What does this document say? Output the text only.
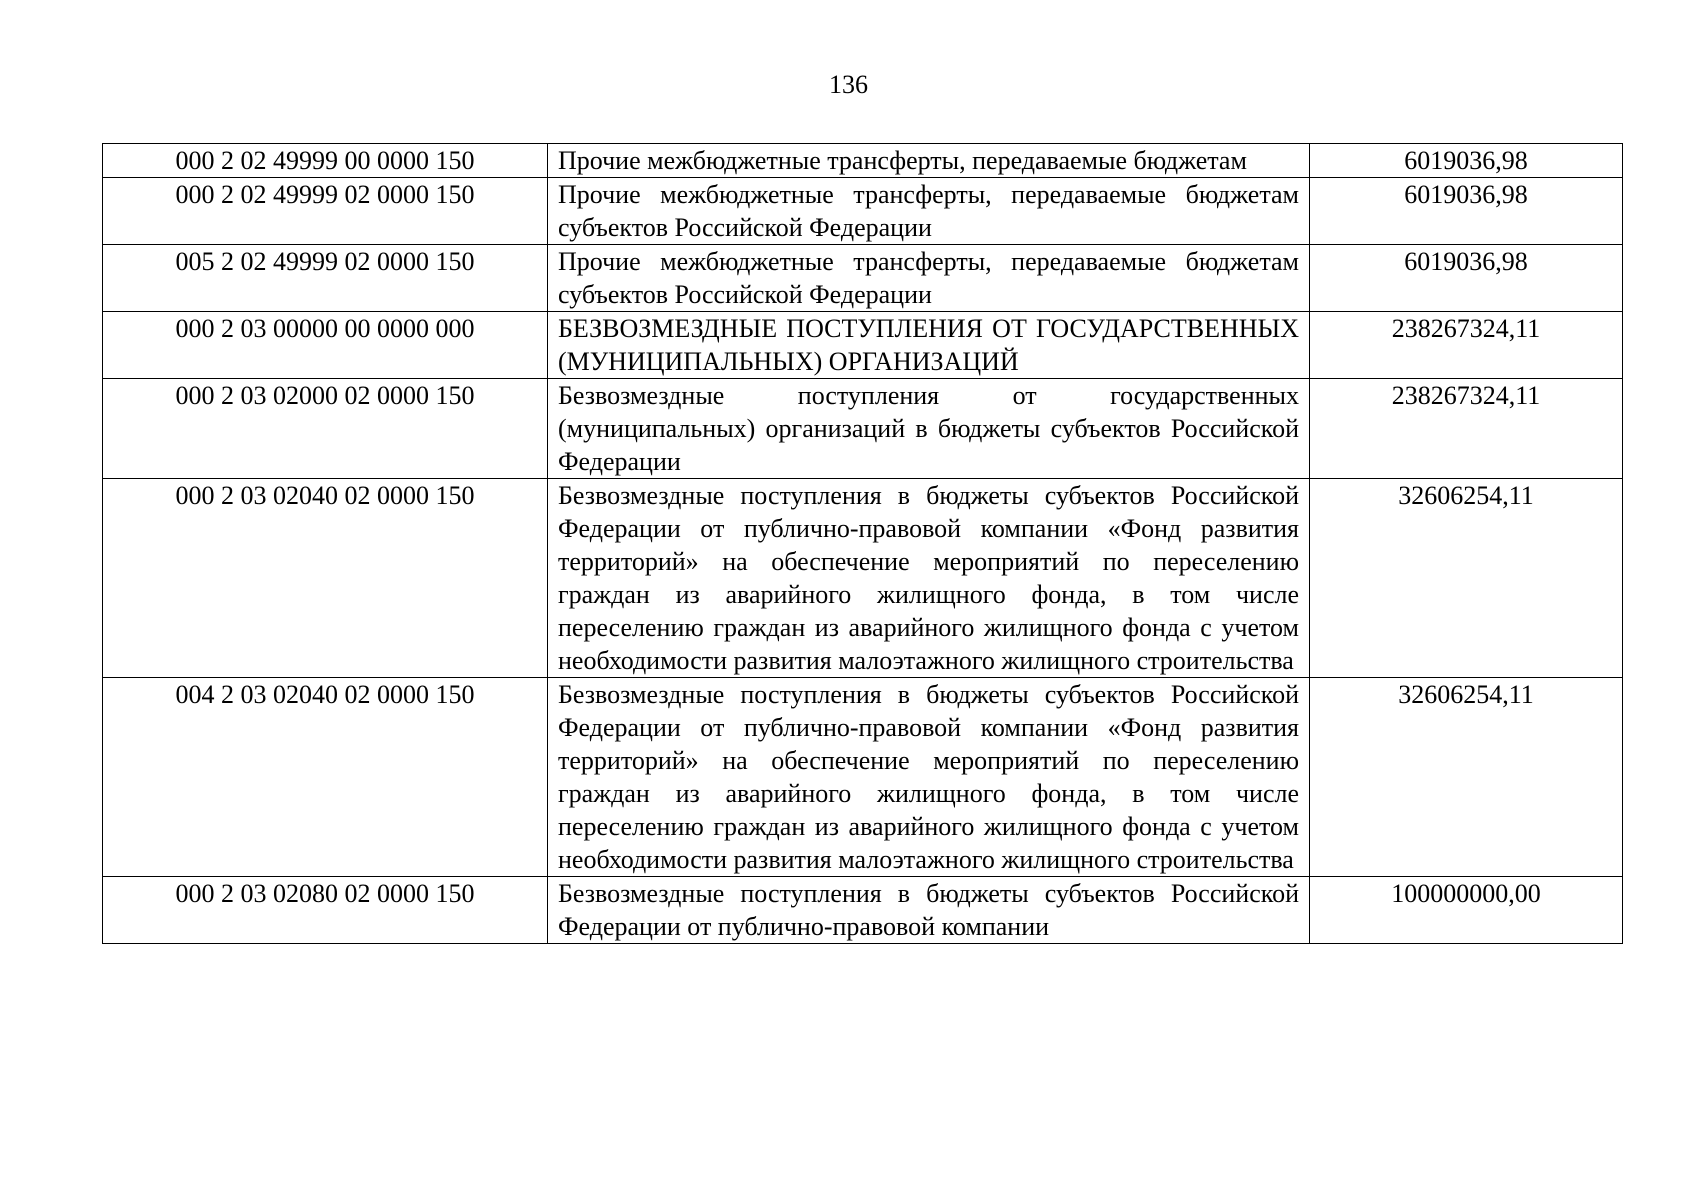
136
000 2 02 49999 00 0000 150	Прочие межбюджетные трансферты, передаваемые бюджетам	6019036,98
000 2 02 49999 02 0000 150	Прочие межбюджетные трансферты, передаваемые бюджетам субъектов Российской Федерации	6019036,98
005 2 02 49999 02 0000 150	Прочие межбюджетные трансферты, передаваемые бюджетам субъектов Российской Федерации	6019036,98
000 2 03 00000 00 0000 000	БЕЗВОЗМЕЗДНЫЕ ПОСТУПЛЕНИЯ ОТ ГОСУДАРСТВЕННЫХ (МУНИЦИПАЛЬНЫХ) ОРГАНИЗАЦИЙ	238267324,11
000 2 03 02000 02 0000 150	Безвозмездные поступления от государственных (муниципальных) организаций в бюджеты субъектов Российской Федерации	238267324,11
000 2 03 02040 02 0000 150	Безвозмездные поступления в бюджеты субъектов Российской Федерации от публично-правовой компании «Фонд развития территорий» на обеспечение мероприятий по переселению граждан из аварийного жилищного фонда, в том числе переселению граждан из аварийного жилищного фонда с учетом необходимости развития малоэтажного жилищного строительства	32606254,11
004 2 03 02040 02 0000 150	Безвозмездные поступления в бюджеты субъектов Российской Федерации от публично-правовой компании «Фонд развития территорий» на обеспечение мероприятий по переселению граждан из аварийного жилищного фонда, в том числе переселению граждан из аварийного жилищного фонда с учетом необходимости развития малоэтажного жилищного строительства	32606254,11
000 2 03 02080 02 0000 150	Безвозмездные поступления в бюджеты субъектов Российской Федерации от публично-правовой компании	100000000,00
